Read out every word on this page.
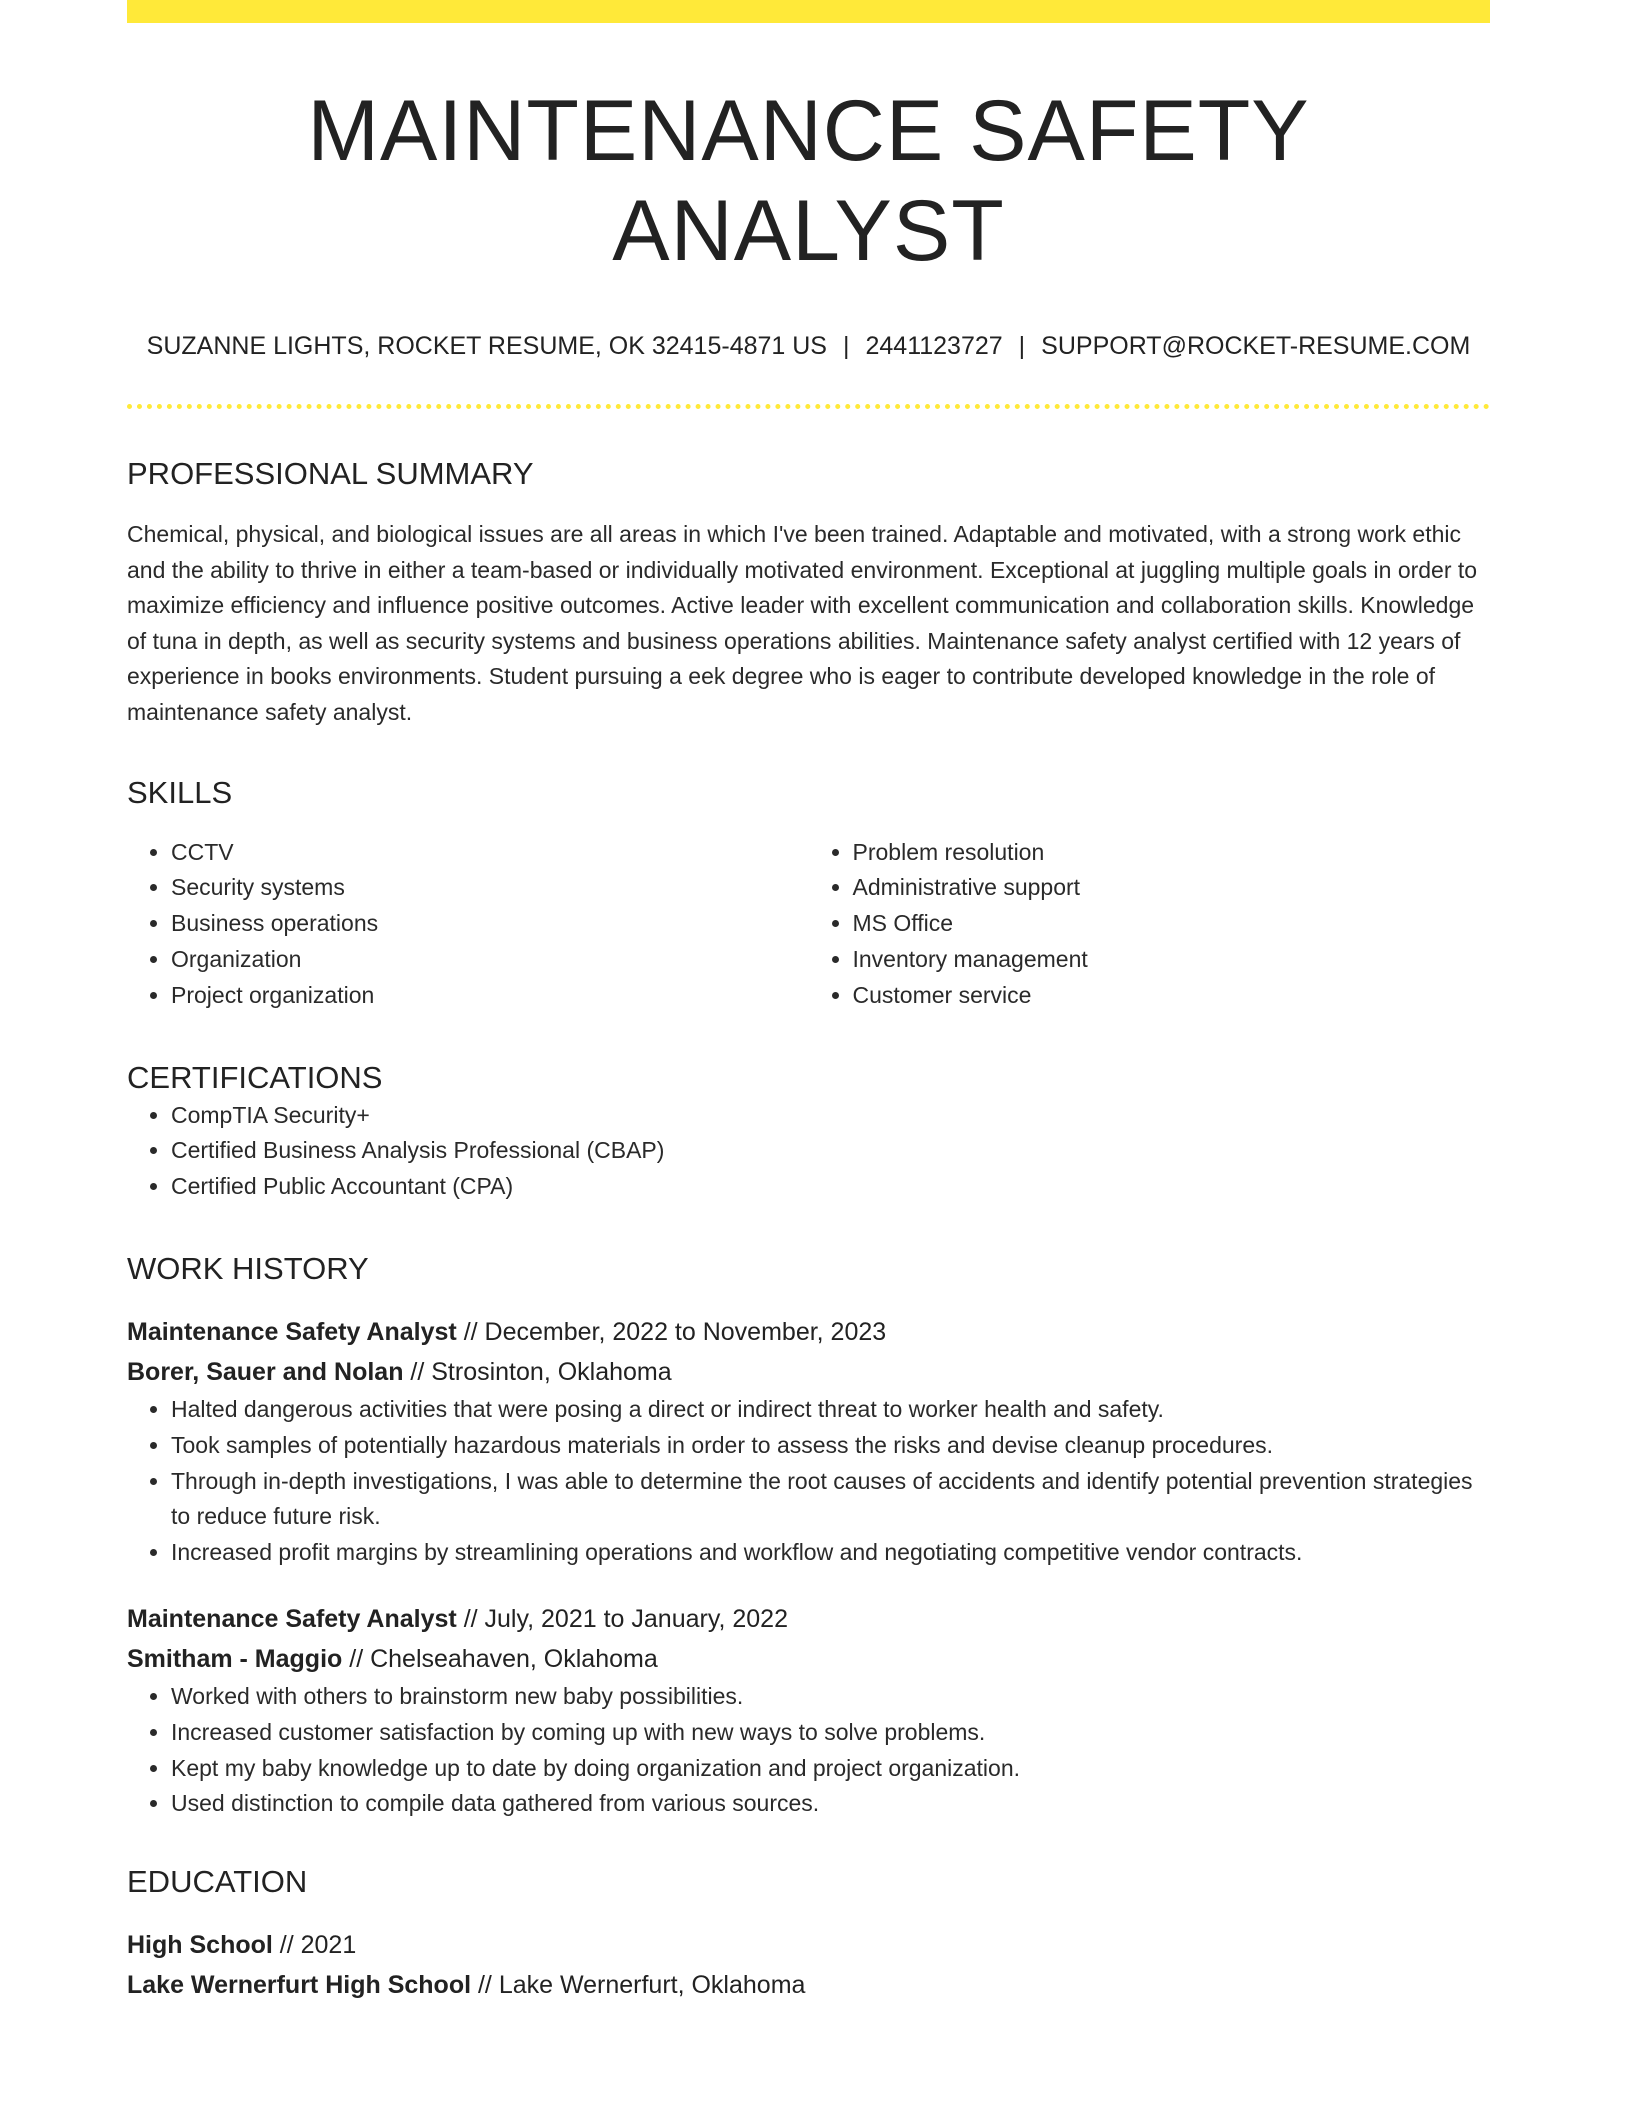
MAINTENANCE SAFETY ANALYST
SUZANNE LIGHTS, ROCKET RESUME, OK 32415-4871 US | 2441123727 | SUPPORT@ROCKET-RESUME.COM
PROFESSIONAL SUMMARY

Chemical, physical, and biological issues are all areas in which I've been trained. Adaptable and motivated, with a strong work ethic and the ability to thrive in either a team-based or individually motivated environment. Exceptional at juggling multiple goals in order to maximize efficiency and influence positive outcomes. Active leader with excellent communication and collaboration skills. Knowledge of tuna in depth, as well as security systems and business operations abilities. Maintenance safety analyst certified with 12 years of experience in books environments. Student pursuing a eek degree who is eager to contribute developed knowledge in the role of maintenance safety analyst.

SKILLS
• CCTV
• Security systems
• Business operations
• Organization
• Project organization
• Problem resolution
• Administrative support
• MS Office
• Inventory management
• Customer service
CERTIFICATIONS
• CompTIA Security+
• Certified Business Analysis Professional (CBAP)
• Certified Public Accountant (CPA)
WORK HISTORY
Maintenance Safety Analyst // December, 2022 to November, 2023
Borer, Sauer and Nolan // Strosinton, Oklahoma
• Halted dangerous activities that were posing a direct or indirect threat to worker health and safety.
• Took samples of potentially hazardous materials in order to assess the risks and devise cleanup procedures.
• Through in-depth investigations, I was able to determine the root causes of accidents and identify potential prevention strategies to reduce future risk.
• Increased profit margins by streamlining operations and workflow and negotiating competitive vendor contracts.
Maintenance Safety Analyst // July, 2021 to January, 2022
Smitham - Maggio // Chelseahaven, Oklahoma
• Worked with others to brainstorm new baby possibilities.
• Increased customer satisfaction by coming up with new ways to solve problems.
• Kept my baby knowledge up to date by doing organization and project organization.
• Used distinction to compile data gathered from various sources.
EDUCATION
High School // 2021
Lake Wernerfurt High School // Lake Wernerfurt, Oklahoma
